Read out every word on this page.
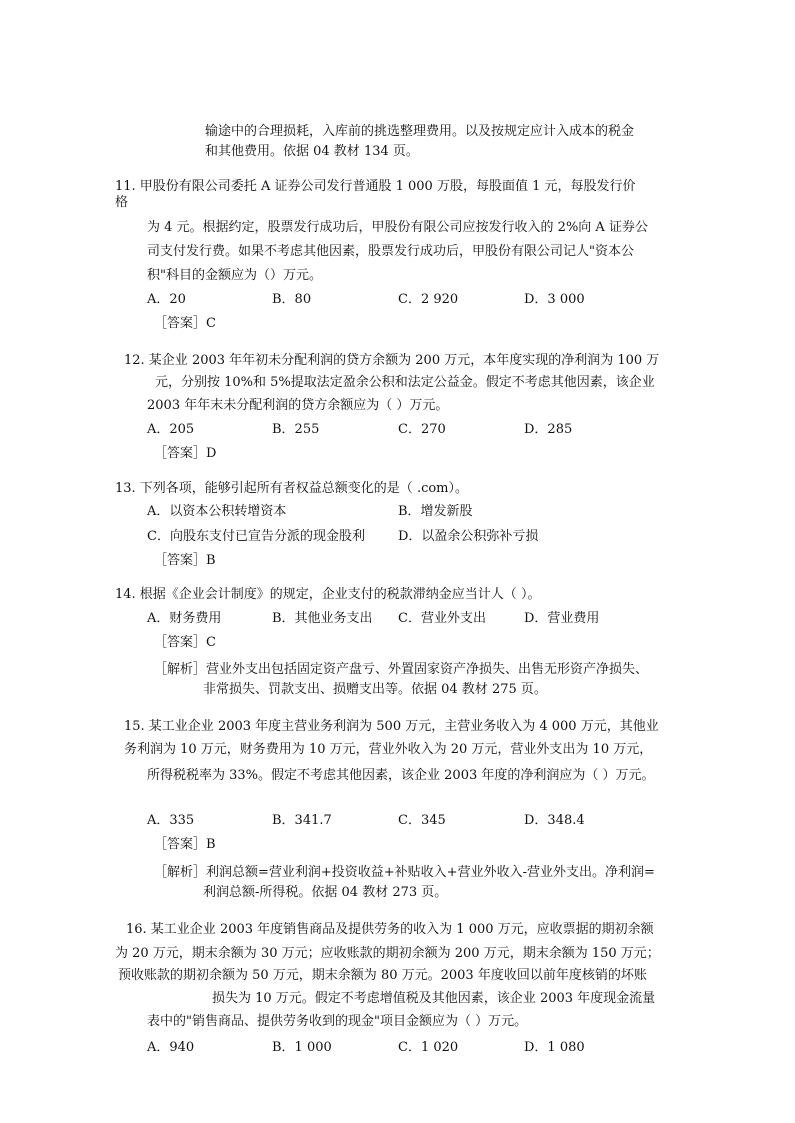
输途中的合理损耗，入库前的挑选整理费用。以及按规定应计入成本的税金
和其他费用。依据 04 教材 134 页。
11. 甲股份有限公司委托 A 证券公司发行普通股 1 000 万股，每股面值 1 元，每股发行价
格
为 4 元。根据约定，股票发行成功后，甲股份有限公司应按发行收入的 2%向 A 证券公
司支付发行费。如果不考虑其他因素，股票发行成功后，甲股份有限公司记人"资本公
积"科目的金额应为（）万元。
A．20	B．80	C．2 920	D．3 000
［答案］C
12. 某企业 2003 年年初未分配利润的贷方余额为 200 万元，本年度实现的净利润为 100 万
元，分别按 10%和 5%提取法定盈余公积和法定公益金。假定不考虑其他因素，该企业
2003 年年末未分配利润的贷方余额应为（ ）万元。
A．205	B．255	C．270	D．285
［答案］D
13. 下列各项，能够引起所有者权益总额变化的是（ .com）。
A．以资本公积转增资本	B．增发新股
C．向股东支付已宣告分派的现金股利	D．以盈余公积弥补亏损
［答案］B
14. 根据《企业会计制度》的规定，企业支付的税款滞纳金应当计人（ ）。
A．财务费用	B．其他业务支出 C．营业外支出	D．营业费用
［答案］C
［解析］营业外支出包括固定资产盘亏、外置固家资产净损失、出售无形资产净损失、
非常损失、罚款支出、损赠支出等。依据 04 教材 275 页。
15. 某工业企业 2003 年度主营业务利润为 500 万元，主营业务收入为 4 000 万元，其他业
务利润为 10 万元，财务费用为 10 万元，营业外收入为 20 万元，营业外支出为 10 万元，
所得税税率为 33%。假定不考虑其他因素，该企业 2003 年度的净利润应为（ ）万元。
A．335	B．341.7	C．345	D．348.4
［答案］B
［解析］利润总额=营业利润+投资收益+补贴收入+营业外收入-营业外支出。净利润=
利润总额-所得税。依据 04 教材 273 页。
16. 某工业企业 2003 年度销售商品及提供劳务的收入为 1 000 万元，应收票据的期初余额
为 20 万元，期末余额为 30 万元；应收账款的期初余额为 200 万元，期末余额为 150 万元；
预收账款的期初余额为 50 万元，期末余额为 80 万元。2003 年度收回以前年度核销的坏账
损失为 10 万元。假定不考虑增值税及其他因素，该企业 2003 年度现金流量
表中的"销售商品、提供劳务收到的现金"项目金额应为（ ）万元。
A．940	B．1 000	C．1 020	D．1 080
